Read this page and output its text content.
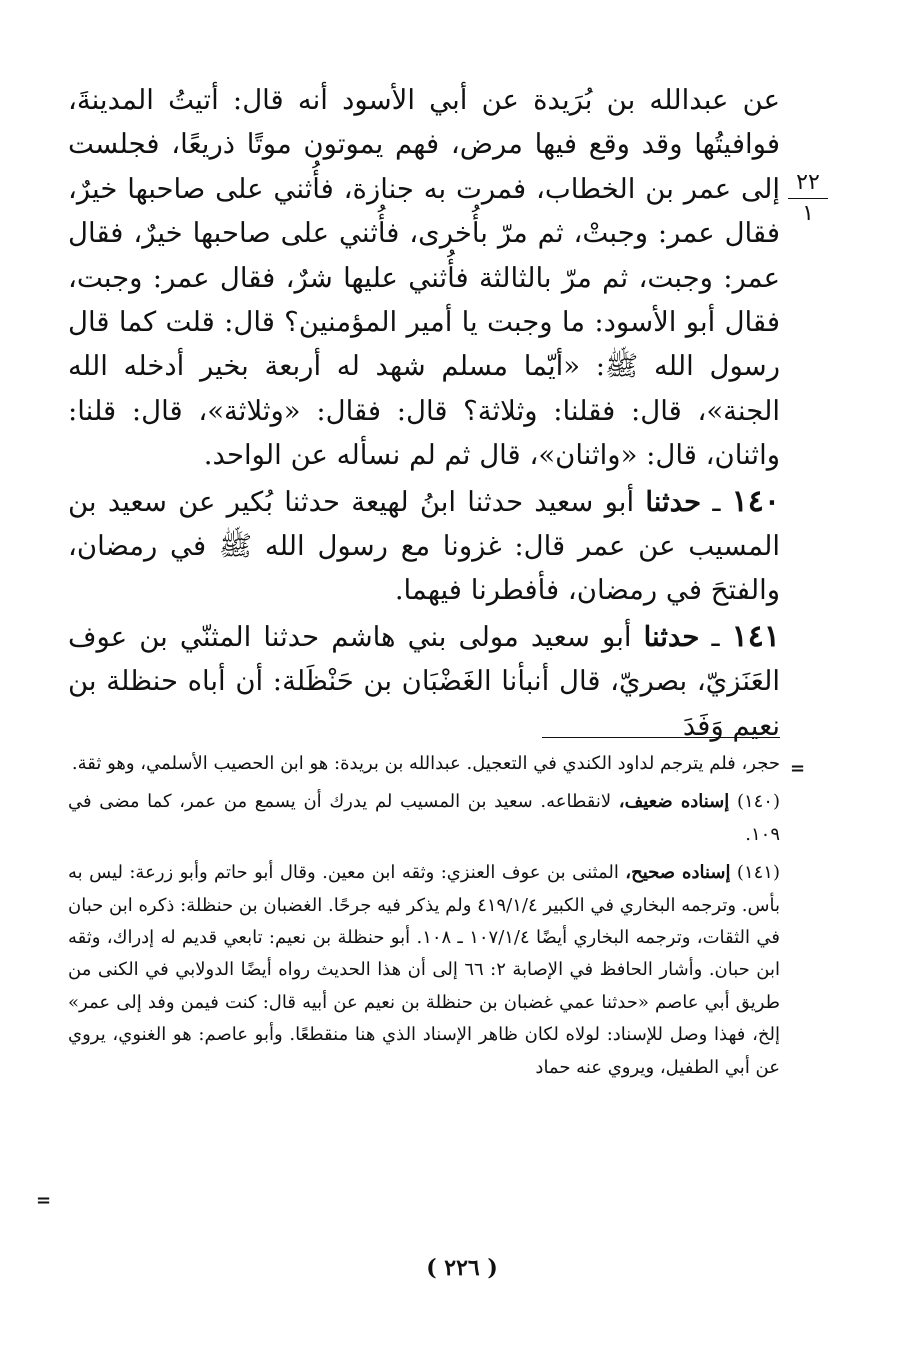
٢٢
١

عن عبدالله بن بُرَيدة عن أبي الأسود أنه قال: أتيتُ المدينةَ، فوافيتُها وقد وقع فيها مرض، فهم يموتون موتًا ذريعًا، فجلست إلى عمر بن الخطاب، فمرت به جنازة، فأُثني على صاحبها خيرٌ، فقال عمر: وجبتْ، ثم مرّ بأُخرى، فأُثني على صاحبها خيرٌ، فقال عمر: وجبت، ثم مرّ بالثالثة فأُثني عليها شرٌ، فقال عمر: وجبت، فقال أبو الأسود: ما وجبت يا أمير المؤمنين؟ قال: قلت كما قال رسول الله ﷺ: «أيّما مسلم شهد له أربعة بخير أدخله الله الجنة»، قال: فقلنا: وثلاثة؟ قال: فقال: «وثلاثة»، قال: قلنا: واثنان، قال: «واثنان»، قال ثم لم نسأله عن الواحد.

١٤٠ ـ حدثنا أبو سعيد حدثنا ابنُ لهيعة حدثنا بُكير عن سعيد بن المسيب عن عمر قال: غزونا مع رسول الله ﷺ في رمضان، والفتحَ في رمضان، فأفطرنا فيهما.

١٤١ ـ حدثنا أبو سعيد مولى بني هاشم حدثنا المثنّي بن عوف العَنَزيّ، بصريّ، قال أنبأنا الغَضْبَان بن حَنْظَلة: أن أباه حنظلة بن نعيم وَفَدَ

=

حجر، فلم يترجم لداود الكندي في التعجيل. عبدالله بن بريدة: هو ابن الحصيب الأسلمي، وهو ثقة.

(١٤٠) إسناده ضعيف، لانقطاعه. سعيد بن المسيب لم يدرك أن يسمع من عمر، كما مضى في ١٠٩.

(١٤١) إسناده صحيح، المثنى بن عوف العنزي: وثقه ابن معين. وقال أبو حاتم وأبو زرعة: ليس به بأس. وترجمه البخاري في الكبير ٤١٩/١/٤ ولم يذكر فيه جرحًا. الغضبان بن حنظلة: ذكره ابن حبان في الثقات، وترجمه البخاري أيضًا ١٠٧/١/٤ ـ ١٠٨. أبو حنظلة بن نعيم: تابعي قديم له إدراك، وثقه ابن حبان. وأشار الحافظ في الإصابة ٢: ٦٦ إلى أن هذا الحديث رواه أيضًا الدولابي في الكنى من طريق أبي عاصم «حدثنا عمي غضبان بن حنظلة بن نعيم عن أبيه قال: كنت فيمن وفد إلى عمر» إلخ، فهذا وصل للإسناد: لولاه لكان ظاهر الإسناد الذي هنا منقطعًا. وأبو عاصم: هو الغنوي، يروي عن أبي الطفيل، ويروي عنه حماد

=
( ٢٢٦ )
